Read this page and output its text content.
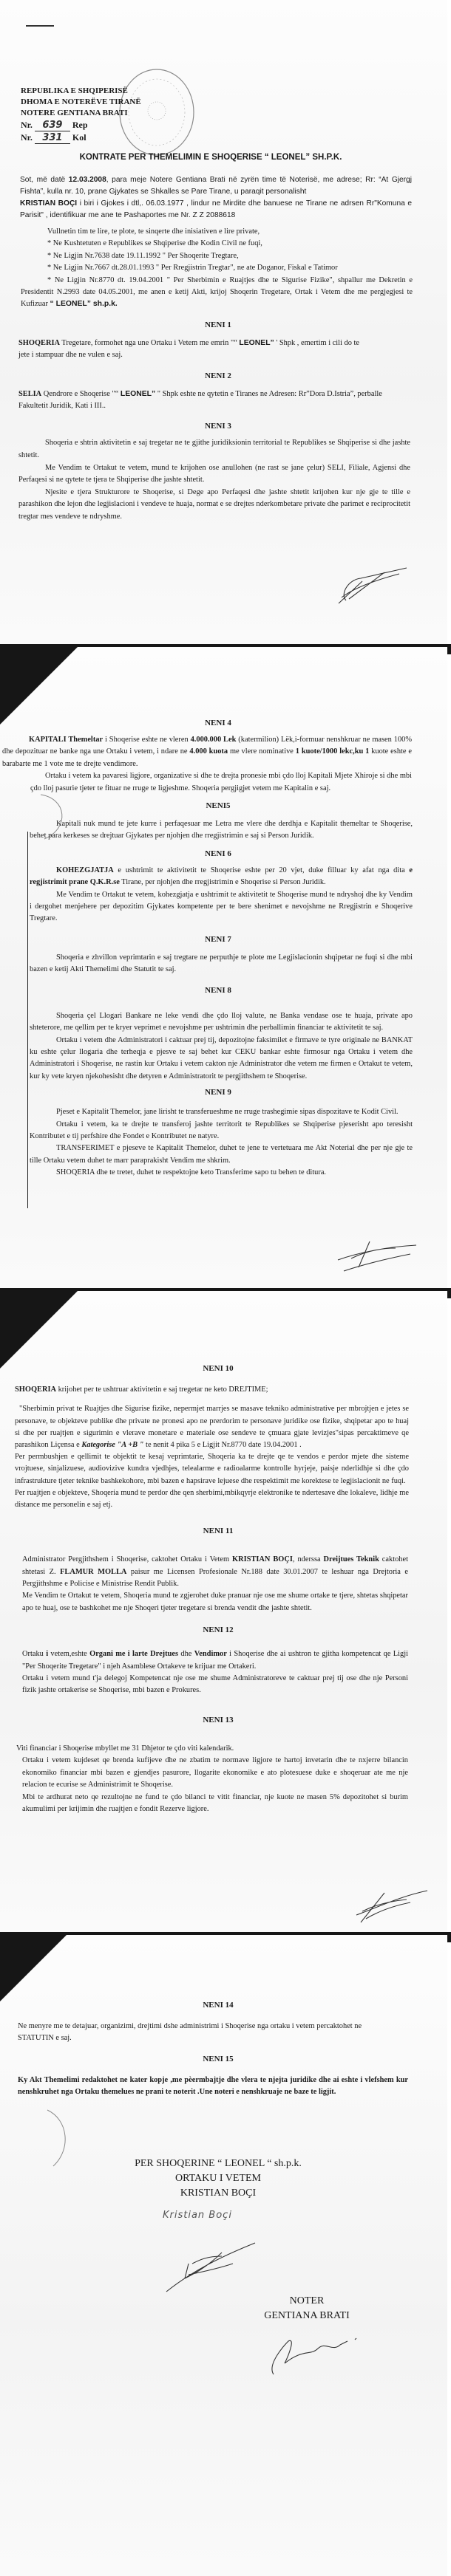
REPUBLIKA E SHQIPERISË
DHOMA E NOTERËVE TIRANË
NOTERE GENTIANA BRATI
Nr. 639 Rep
Nr. 331 Kol
KONTRATE PER THEMELIMIN E SHOQERISE “ LEONEL” SH.P.K.
Sot, më datë 12.03.2008, para meje Notere Gentiana Brati në zyrën time të Noterisë, me adrese; Rr: “At Gjergj Fishta”, kulla nr. 10, prane Gjykates se Shkalles se Pare Tirane, u paraqit personalisht
KRISTIAN BOÇI i biri i Gjokes i dtl,. 06.03.1977 , lindur ne Mirdite dhe banuese ne Tirane ne adrsen Rr"Komuna e Parisit" , identifikuar me ane te Pashaportes me Nr. Z Z 2088618
Vullnetin tim te lire, te plote, te sinqerte dhe inisiativen e lire private,
* Ne Kushtetuten e Republikes se Shqiperise dhe Kodin Civil ne fuqi,
* Ne Ligjin Nr.7638 date 19.11.1992 " Per Shoqerite Tregtare,
* Ne Ligjin Nr.7667 dt.28.01.1993 " Per Rregjistrin Tregtar", ne ate Doganor, Fiskal e Tatimor
* Ne Ligjin Nr.8770 dt. 19.04.2001 " Per Sherbimin e Ruajtjes dhe te Sigurise Fizike", shpallur me Dekretin e Presidentit N.2993 date 04.05.2001, me anen e ketij Akti, krijoj Shoqerin Tregetare, Ortak i Vetem dhe me pergjegjesi te Kufizuar “ LEONEL” sh.p.k.
NENI 1
SHOQERIA Tregetare, formohet nga une Ortaku i Vetem me emrin "“ LEONEL” ' Shpk , emertim i cili do te jete i stampuar dhe ne vulen e saj.
NENI 2
SELIA Qendrore e Shoqerise "“ LEONEL” " Shpk eshte ne qytetin e Tiranes ne Adresen: Rr”Dora D.Istria”, perballe Fakultetit Juridik, Kati i III..
NENI 3
Shoqeria e shtrin aktivitetin e saj tregetar ne te gjithe juridiksionin territorial te Republikes se Shqiperise si dhe jashte shtetit.
Me Vendim te Ortakut te vetem, mund te krijohen ose anullohen (ne rast se jane çelur) SELI, Filiale, Agjensi dhe Perfaqesi si ne qytete te tjera te Shqiperise dhe jashte shtetit.
Njesite e tjera Strukturore te Shoqerise, si Dege apo Perfaqesi dhe jashte shtetit krijohen kur nje gje te tille e parashikon dhe lejon dhe legjislacioni i vendeve te huaja, normat e se drejtes nderkombetare private dhe parimet e reciprocitetit tregtar mes vendeve te ndryshme.
NENI 4
KAPITALI Themeltar i Shoqerise eshte ne vleren 4.000.000 Lek (katermilion) Lëk,i-formuar nenshkruar ne masen 100% dhe depozituar ne banke nga une Ortaku i vetem, i ndare ne 4.000 kuota me vlere nominative 1 kuote/1000 lekc,ku 1 kuote eshte e barabarte me 1 vote me te drejte vendimore.
Ortaku i vetem ka pavaresi ligjore, organizative si dhe te drejta pronesie mbi çdo lloj Kapitali Mjete Xhiroje si dhe mbi çdo lloj pasurie tjeter te fituar ne rruge te ligjeshme. Shoqeria pergjigjet vetem me Kapitalin e saj.
NENI5
Kapitali nuk mund te jete kurre i perfaqesuar me Letra me vlere dhe derdhja e Kapitalit themeltar te Shoqerise, behet para kerkeses se drejtuar Gjykates per njohjen dhe rregjistrimin e saj si Person Juridik.
NENI 6
KOHEZGJATJA e ushtrimit te aktivitetit te Shoqerise eshte per 20 vjet, duke filluar ky afat nga dita e regjistrimit prane Q.K.R.se Tirane, per njohjen dhe rregjistrimin e Shoqerise si Person Juridik.
Me Vendim te Ortakut te vetem, kohezgjatja e ushtrimit te aktivitetit te Shoqerise mund te ndryshoj dhe ky Vendim i dergohet menjehere per depozitim Gjykates kompetente per te bere shenimet e nevojshme ne Rregjistrin e Shoqerive Tregtare.
NENI 7
Shoqeria e zhvillon veprimtarin e saj tregtare ne perputhje te plote me Legjislacionin shqipetar ne fuqi si dhe mbi bazen e ketij Akti Themelimi dhe Statutit te saj.
NENI 8
Shoqeria çel Llogari Bankare ne leke vendi dhe çdo lloj valute, ne Banka vendase ose te huaja, private apo shteterore, me qellim per te kryer veprimet e nevojshme per ushtrimin dhe perballimin financiar te aktivitetit te saj.
Ortaku i vetem dhe Administratori i caktuar prej tij, depozitojne faksimilet e firmave te tyre originale ne BANKAT ku eshte çelur llogaria dhe terheqja e pjesve te saj behet kur CEKU bankar eshte firmosur nga Ortaku i vetem dhe Administratori i Shoqerise, ne rastin kur Ortaku i vetem cakton nje Administrator dhe vetem me firmen e Ortakut te vetem, kur ky vete kryen njekohesisht dhe detyren e Administratorit te pergjithshem te Shoqerise.
NENI 9
Pjeset e Kapitalit Themelor, jane lirisht te transferueshme ne rruge trashegimie sipas dispozitave te Kodit Civil.
Ortaku i vetem, ka te drejte te transferoj jashte territorit te Republikes se Shqiperise pjeserisht apo teresisht Kontributet e tij perfshire dhe Fondet e Kontributet ne natyre.
TRANSFERIMET e pjeseve te Kapitalit Themelor, duhet te jene te vertetuara me Akt Noterial dhe per nje gje te tille Ortaku vetem duhet te marr paraprakisht Vendim me shkrim.
SHOQERIA dhe te tretet, duhet te respektojne keto Transferime sapo tu behen te ditura.
NENI 10
SHOQERIA krijohet per te ushtruar aktivitetin e saj tregetar ne keto DREJTIME;
"Sherbimin privat te Ruajtjes dhe Sigurise fizike, nepermjet marrjes se masave tekniko administrative per mbrojtjen e jetes se personave, te objekteve publike dhe private ne pronesi apo ne prerdorim te personave juridike ose fizike, shqipetar apo te huaj si dhe per ruajtjen e sigurimin e vlerave monetare e materiale ose sendeve te çmuara gjate levizjes"sipas percaktimeve qe parashikon Liçensa e Kategorise "A +B " te nenit 4 pika 5 e Ligjit Nr.8770 date 19.04.2001 .
Per permbushjen e qellimit te objektit te kesaj veprimtarie, Shoqeria ka te drejte qe te vendos e perdor mjete dhe sisteme vrojtuese, sinjalizuese, audiovizive kundra vjedhjes, telealarme e radioalarme kontrolle hyrjeje, paisje nderlidhje si dhe çdo infrastrukture tjeter teknike bashkekohore, mbi bazen e hapsirave lejuese dhe respektimit me korektese te legjislacionit ne fuqi.
Per ruajtjen e objekteve, Shoqeria mund te perdor dhe qen sherbimi,mbikqyrje elektronike te ndertesave dhe lokaleve, lidhje me distance me personelin e saj etj.
NENI 11
Administrator Pergjithshem i Shoqerise, caktohet Ortaku i Vetem KRISTIAN BOÇI, nderssa Dreijtues Teknik caktohet shtetasi Z. FLAMUR MOLLA paisur me Licensen Profesionale Nr.188 date 30.01.2007 te leshuar nga Drejtoria e Pergjithshme e Policise e Ministrise Rendit Publik.
Me Vendim te Ortakut te vetem, Shoqeria mund te zgjerohet duke pranuar nje ose me shume ortake te tjere, shtetas shqipetar apo te huaj, ose te bashkohet me nje Shoqeri tjeter tregetare si brenda vendit dhe jashte shtetit.
NENI 12
Ortaku i vetem,eshte Organi me i larte Drejtues dhe Vendimor i Shoqerise dhe ai ushtron te gjitha kompetencat qe Ligji "Per Shoqerite Tregetare" i njeh Asamblese Ortakeve te krijuar me Ortakeri.
Ortaku i vetem mund t'ja delegoj Kompetencat nje ose me shume Administratoreve te caktuar prej tij ose dhe nje Personi fizik jashte ortakerise se Shoqerise, mbi bazen e Prokures.
NENI 13
Viti financiar i Shoqerise mbyllet me 31 Dhjetor te çdo viti kalendarik.
Ortaku i vetem kujdeset qe brenda kufijeve dhe ne zbatim te normave ligjore te hartoj invetarin dhe te nxjerre bilancin ekonomiko financiar mbi bazen e gjendjes pasurore, llogarite ekonomike e ato plotesuese duke e shoqeruar ate me nje relacion te ecurise se Administrimit te Shoqerise.
Mbi te ardhurat neto qe rezultojne ne fund te çdo bilanci te vitit financiar, nje kuote ne masen 5% depozitohet si burim akumulimi per krijimin dhe ruajtjen e fondit Rezerve ligjore.
NENI 14
Ne menyre me te detajuar, organizimi, drejtimi dshe administrimi i Shoqerise nga ortaku i vetem percaktohet ne STATUTIN e saj.
NENI 15
Ky Akt Themelimi redaktohet ne kater kopje ,me pèermbajtje dhe vlera te njejta juridike dhe ai eshte i vlefshem kur nenshkruhet nga Ortaku themelues ne prani te noterit .Une noteri e nenshkruaje ne baze te ligjit.
PER SHOQERINE “ LEONEL “ sh.p.k.
ORTAKU I VETEM
KRISTIAN BOÇI
Kristian Boçi
NOTER
GENTIANA BRATI
